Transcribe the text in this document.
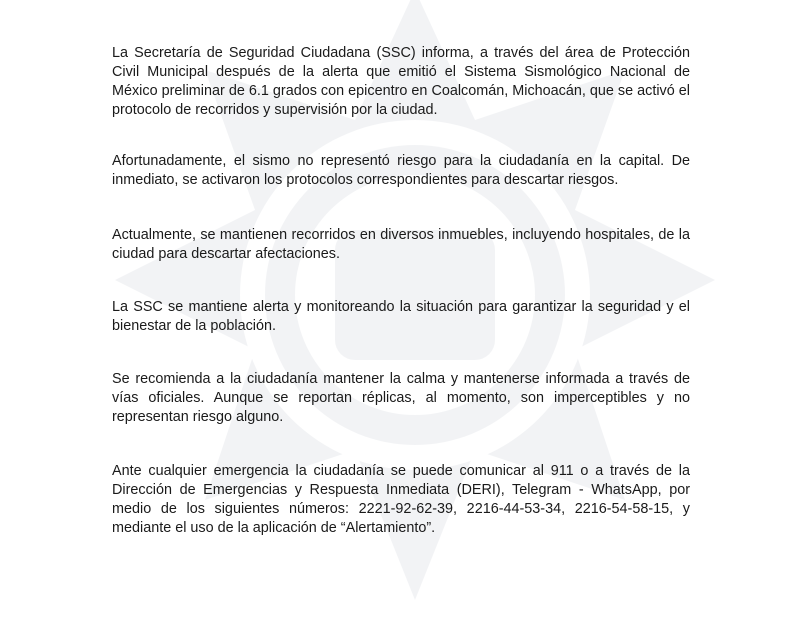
La Secretaría de Seguridad Ciudadana (SSC) informa, a través del área de Protección Civil Municipal después de la alerta que emitió el Sistema Sismológico Nacional de México preliminar de 6.1 grados con epicentro en Coalcomán, Michoacán, que se activó el protocolo de recorridos y supervisión por la ciudad.

Afortunadamente, el sismo no representó riesgo para la ciudadanía en la capital. De inmediato, se activaron los protocolos correspondientes para descartar riesgos.

Actualmente, se mantienen recorridos en diversos inmuebles, incluyendo hospitales, de la ciudad para descartar afectaciones.

La SSC se mantiene alerta y monitoreando la situación para garantizar la seguridad y el bienestar de la población.

Se recomienda a la ciudadanía mantener la calma y mantenerse informada a través de vías oficiales. Aunque se reportan réplicas, al momento, son imperceptibles y no representan riesgo alguno.

Ante cualquier emergencia la ciudadanía se puede comunicar al 911 o a través de la Dirección de Emergencias y Respuesta Inmediata (DERI), Telegram - WhatsApp, por medio de los siguientes números: 2221-92-62-39, 2216-44-53-34, 2216-54-58-15, y mediante el uso de la aplicación de “Alertamiento”.
